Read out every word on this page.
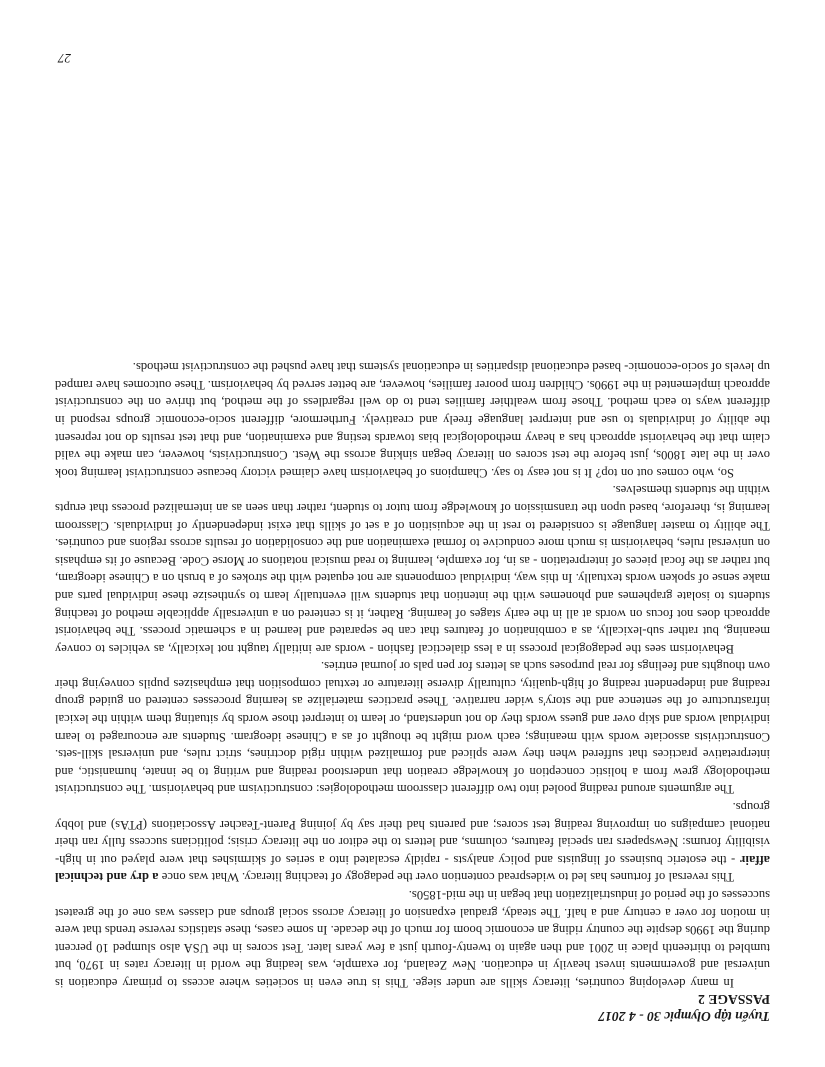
Tuyển tập Olympic 30 - 4 2017
PASSAGE 2

In many developing countries, literacy skills are under siege. This is true even in societies where access to primary education is universal and governments invest heavily in education. New Zealand, for example, was leading the world in literacy rates in 1970, but tumbled to thirteenth place in 2001 and then again to twenty-fourth just a few years later. Test scores in the USA also slumped 10 percent during the 1990s despite the country riding an economic boom for much of the decade. In some cases, these statistics reverse trends that were in motion for over a century and a half. The steady, gradual expansion of literacy across social groups and classes was one of the greatest successes of the period of industrialization that began in the mid-1850s.

This reversal of fortunes has led to widespread contention over the pedagogy of teaching literacy. What was once a dry and technical affair - the esoteric business of linguists and policy analysts - rapidly escalated into a series of skirmishes that were played out in high-visibility forums: Newspapers ran special features, columns, and letters to the editor on the literacy crisis; politicians success fully ran their national campaigns on improving reading test scores; and parents had their say by joining Parent-Teacher Associations (PTAs) and lobby groups.

The arguments around reading pooled into two different classroom methodologies: constructivism and behaviorism. The constructivist methodology grew from a holistic conception of knowledge creation that understood reading and writing to be innate, humanistic, and interpretative practices that suffered when they were spliced and formalized within rigid doctrines, strict rules, and universal skill-sets. Constructivists associate words with meanings; each word might be thought of as a Chinese ideogram. Students are encouraged to learn individual words and skip over and guess words they do not understand, or learn to interpret those words by situating them within the lexical infrastructure of the sentence and the story's wider narrative. These practices materialize as learning processes centered on guided group reading and independent reading of high-quality, culturally diverse literature or textual composition that emphasizes pupils conveying their own thoughts and feelings for real purposes such as letters for pen pals or journal entries.

Behaviorism sees the pedagogical process in a less dialectical fashion - words are initially taught not lexically, as vehicles to convey meaning, but rather sub-lexically, as a combination of features that can be separated and learned in a schematic process. The behaviorist approach does not focus on words at all in the early stages of learning. Rather, it is centered on a universally applicable method of teaching students to isolate graphemes and phonemes with the intention that students will eventually learn to synthesize these individual parts and make sense of spoken words textually. In this way, individual components are not equated with the strokes of a brush on a Chinese ideogram, but rather as the focal pieces of interpretation - as in, for example, learning to read musical notations or Morse Code. Because of its emphasis on universal rules, behaviorism is much more conducive to formal examination and the consolidation of results across regions and countries. The ability to master language is considered to rest in the acquisition of a set of skills that exist independently of individuals. Classroom learning is, therefore, based upon the transmission of knowledge from tutor to student, rather than seen as an internalized process that erupts within the students themselves.

So, who comes out on top? It is not easy to say. Champions of behaviorism have claimed victory because constructivist learning took over in the late 1800s, just before the test scores on literacy began sinking across the West. Constructivists, however, can make the valid claim that the behaviorist approach has a heavy methodological bias towards testing and examination, and that test results do not represent the ability of individuals to use and interpret language freely and creatively. Furthermore, different socio-economic groups respond in different ways to each method. Those from wealthier families tend to do well regardless of the method, but thrive on the constructivist approach implemented in the 1990s. Children from poorer families, however, are better served by behaviorism. These outcomes have ramped up levels of socio-economic- based educational disparities in educational systems that have pushed the constructivist methods.

27
